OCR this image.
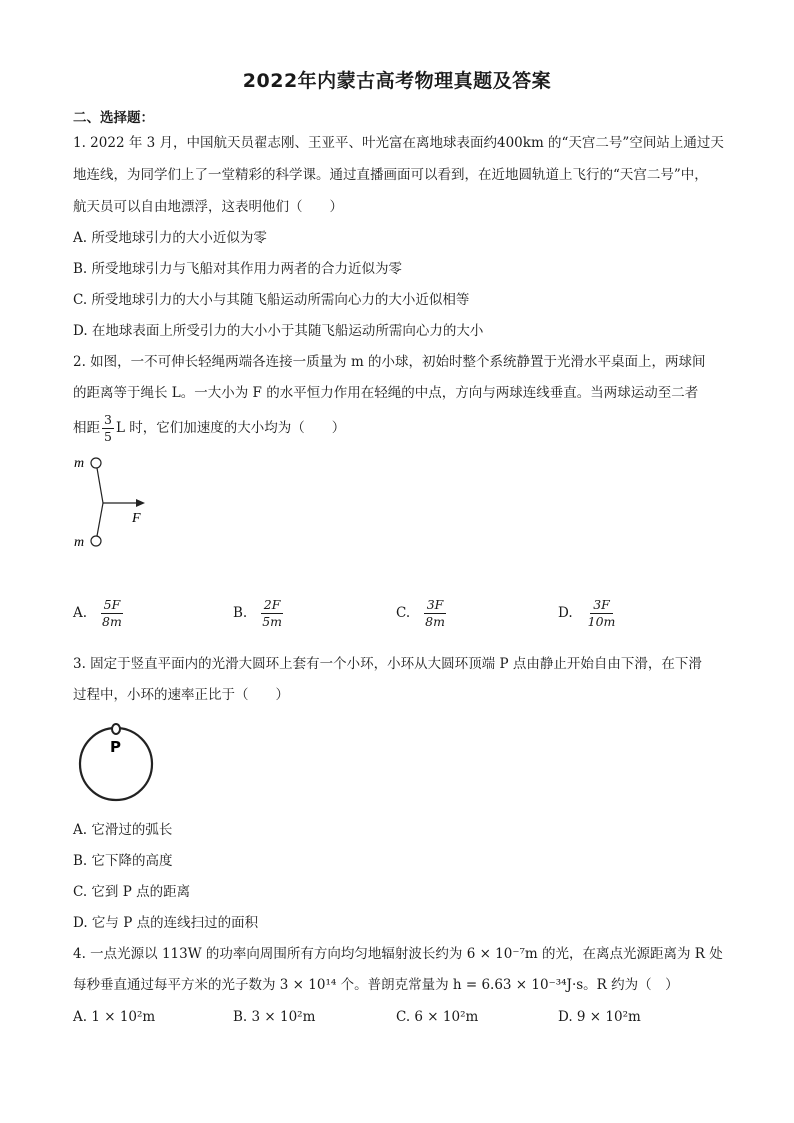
2022年内蒙古高考物理真题及答案
二、选择题：
1. 2022 年 3 月，中国航天员翟志刚、王亚平、叶光富在离地球表面约400km 的“天宫二号”空间站上通过天
地连线，为同学们上了一堂精彩的科学课。通过直播画面可以看到，在近地圆轨道上飞行的“天宫二号”中，
航天员可以自由地漂浮，这表明他们（　　）
A. 所受地球引力的大小近似为零
B. 所受地球引力与飞船对其作用力两者的合力近似为零
C. 所受地球引力的大小与其随飞船运动所需向心力的大小近似相等
D. 在地球表面上所受引力的大小小于其随飞船运动所需向心力的大小
2. 如图，一不可伸长轻绳两端各连接一质量为 m 的小球，初始时整个系统静置于光滑水平桌面上，两球间
的距离等于绳长 L。一大小为 F 的水平恒力作用在轻绳的中点，方向与两球连线垂直。当两球运动至二者
相距 $\frac{3}{5}$ L 时，它们加速度的大小均为（　　）
m
m
F
A. $\frac{5F}{8m}$	B. $\frac{2F}{5m}$	C. $\frac{3F}{8m}$	D. $\frac{3F}{10m}$
3. 固定于竖直平面内的光滑大圆环上套有一个小环，小环从大圆环顶端 P 点由静止开始自由下滑，在下滑
过程中，小环的速率正比于（　　）
P
A. 它滑过的弧长
B. 它下降的高度
C. 它到 P 点的距离
D. 它与 P 点的连线扫过的面积
4. 一点光源以 113W 的功率向周围所有方向均匀地辐射波长约为 6 × 10⁻⁷m 的光，在离点光源距离为 R 处
每秒垂直通过每平方米的光子数为 3 × 10¹⁴ 个。普朗克常量为 h = 6.63 × 10⁻³⁴J·s。R 约为（　）
A. 1 × 10²m	B. 3 × 10²m	C. 6 × 10²m	D. 9 × 10²m
